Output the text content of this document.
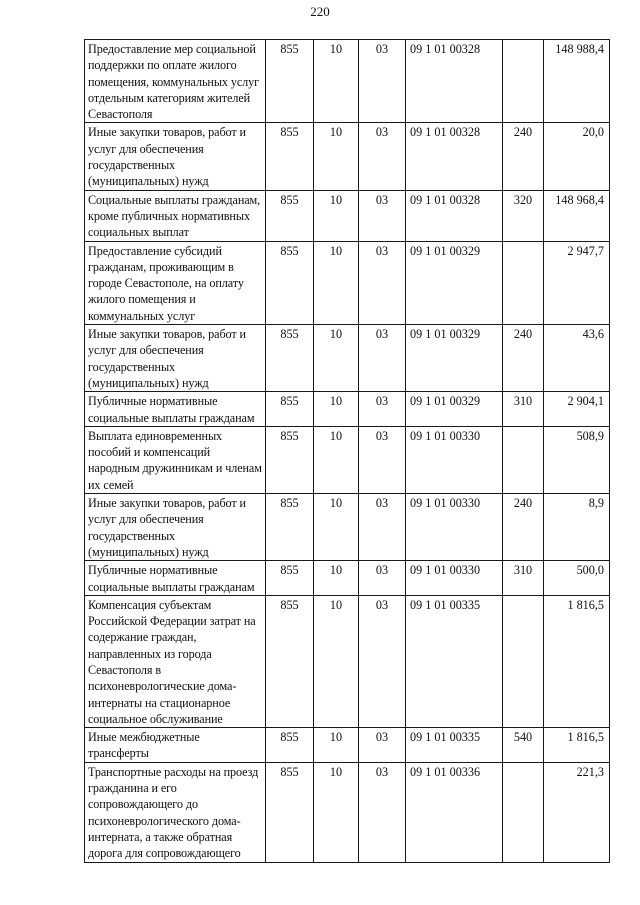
220
Предоставление мер социальной поддержки по оплате жилого помещения, коммунальных услуг отдельным категориям жителей Севастополя	855	10	03	09 1 01 00328		148 988,4
Иные закупки товаров, работ и услуг для обеспечения государственных (муниципальных) нужд	855	10	03	09 1 01 00328	240	20,0
Социальные выплаты гражданам, кроме публичных нормативных социальных выплат	855	10	03	09 1 01 00328	320	148 968,4
Предоставление субсидий гражданам, проживающим в городе Севастополе, на оплату жилого помещения и коммунальных услуг	855	10	03	09 1 01 00329		2 947,7
Иные закупки товаров, работ и услуг для обеспечения государственных (муниципальных) нужд	855	10	03	09 1 01 00329	240	43,6
Публичные нормативные социальные выплаты гражданам	855	10	03	09 1 01 00329	310	2 904,1
Выплата единовременных пособий и компенсаций народным дружинникам и членам их семей	855	10	03	09 1 01 00330		508,9
Иные закупки товаров, работ и услуг для обеспечения государственных (муниципальных) нужд	855	10	03	09 1 01 00330	240	8,9
Публичные нормативные социальные выплаты гражданам	855	10	03	09 1 01 00330	310	500,0
Компенсация субъектам Российской Федерации затрат на содержание граждан, направленных из города Севастополя в психоневрологические дома-интернаты на стационарное социальное обслуживание	855	10	03	09 1 01 00335		1 816,5
Иные межбюджетные трансферты	855	10	03	09 1 01 00335	540	1 816,5
Транспортные расходы на проезд гражданина и его сопровождающего до психоневрологического дома-интерната, а также обратная дорога для сопровождающего	855	10	03	09 1 01 00336		221,3
